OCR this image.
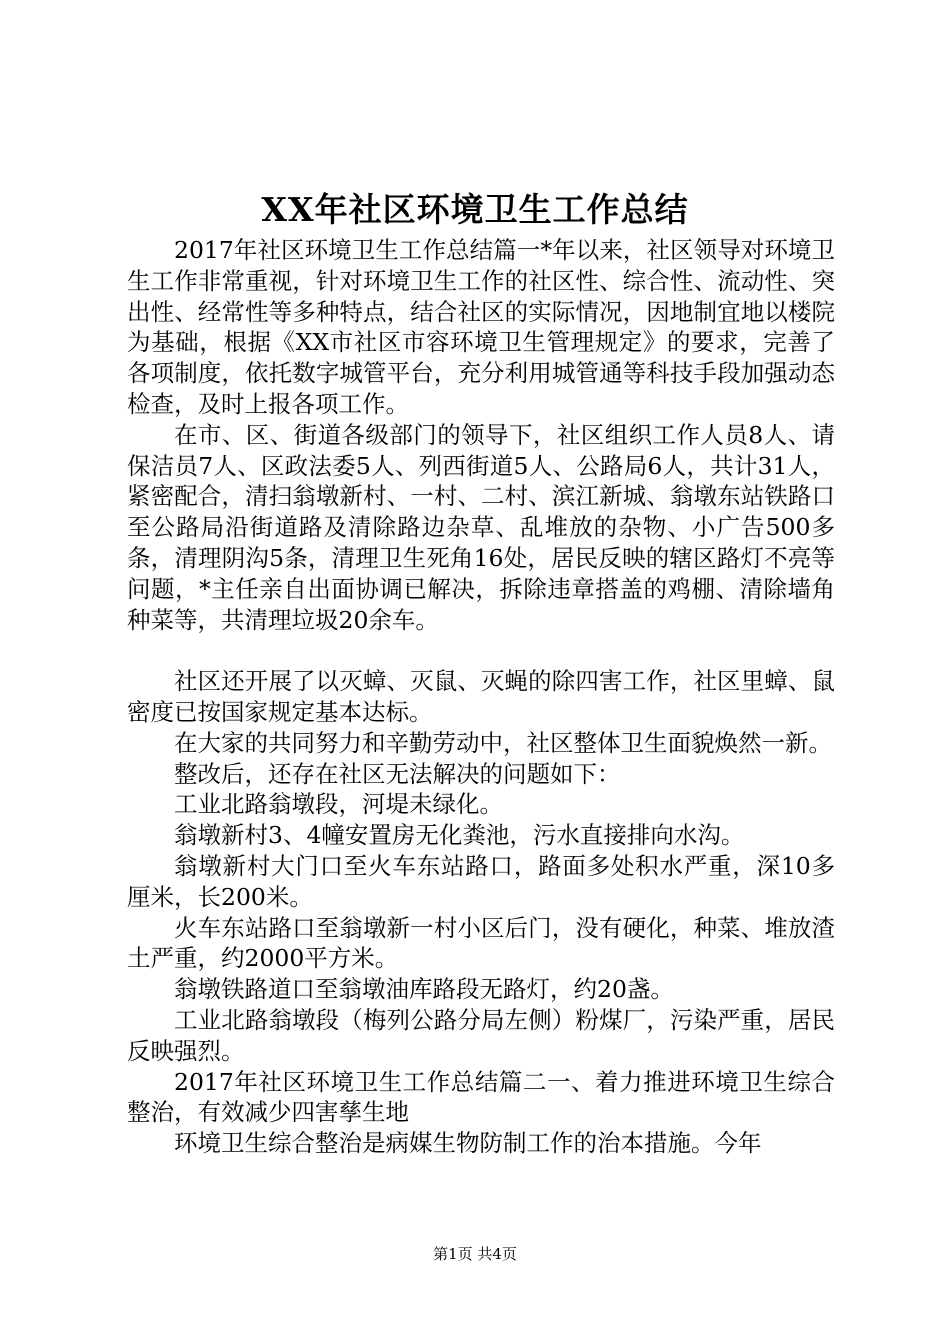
XX年社区环境卫生工作总结

2017年社区环境卫生工作总结篇一*年以来，社区领导对环境卫生工作非常重视，针对环境卫生工作的社区性、综合性、流动性、突出性、经常性等多种特点，结合社区的实际情况，因地制宜地以楼院为基础，根据《XX市社区市容环境卫生管理规定》的要求，完善了各项制度，依托数字城管平台，充分利用城管通等科技手段加强动态检查，及时上报各项工作。

在市、区、街道各级部门的领导下，社区组织工作人员8人、请保洁员7人、区政法委5人、列西街道5人、公路局6人，共计31人，紧密配合，清扫翁墩新村、一村、二村、滨江新城、翁墩东站铁路口至公路局沿街道路及清除路边杂草、乱堆放的杂物、小广告500多条，清理阴沟5条，清理卫生死角16处，居民反映的辖区路灯不亮等问题，*主任亲自出面协调已解决，拆除违章搭盖的鸡棚、清除墙角种菜等，共清理垃圾20余车。

社区还开展了以灭蟑、灭鼠、灭蝇的除四害工作，社区里蟑、鼠密度已按国家规定基本达标。

在大家的共同努力和辛勤劳动中，社区整体卫生面貌焕然一新。

整改后，还存在社区无法解决的问题如下：

工业北路翁墩段，河堤未绿化。

翁墩新村3、4幢安置房无化粪池，污水直接排向水沟。

翁墩新村大门口至火车东站路口，路面多处积水严重，深10多厘米，长200米。

火车东站路口至翁墩新一村小区后门，没有硬化，种菜、堆放渣土严重，约2000平方米。

翁墩铁路道口至翁墩油库路段无路灯，约20盏。

工业北路翁墩段（梅列公路分局左侧）粉煤厂，污染严重，居民反映强烈。

2017年社区环境卫生工作总结篇二一、着力推进环境卫生综合整治，有效减少四害孳生地

环境卫生综合整治是病媒生物防制工作的治本措施。今年

第1页 共4页
